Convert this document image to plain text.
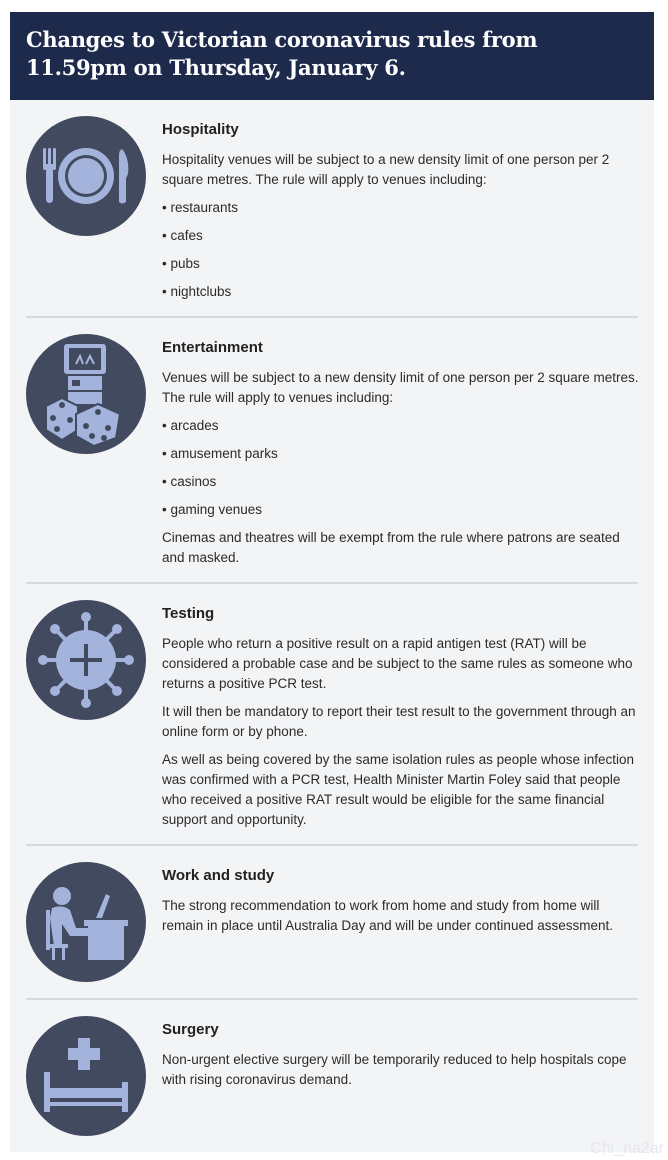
Changes to Victorian coronavirus rules from 11.59pm on Thursday, January 6.
Hospitality

Hospitality venues will be subject to a new density limit of one person per 2 square metres. The rule will apply to venues including:

• restaurants
• cafes
• pubs
• nightclubs
Entertainment

Venues will be subject to a new density limit of one person per 2 square metres. The rule will apply to venues including:

• arcades
• amusement parks
• casinos
• gaming venues

Cinemas and theatres will be exempt from the rule where patrons are seated and masked.

Testing

People who return a positive result on a rapid antigen test (RAT) will be considered a probable case and be subject to the same rules as someone who returns a positive PCR test.

It will then be mandatory to report their test result to the government through an online form or by phone.

As well as being covered by the same isolation rules as people whose infection was confirmed with a PCR test, Health Minister Martin Foley said that people who received a positive RAT result would be eligible for the same financial support and opportunity.

Work and study

The strong recommendation to work from home and study from home will remain in place until Australia Day and will be under continued assessment.

Surgery

Non-urgent elective surgery will be temporarily reduced to help hospitals cope with rising coronavirus demand.

Chi_na2ar
